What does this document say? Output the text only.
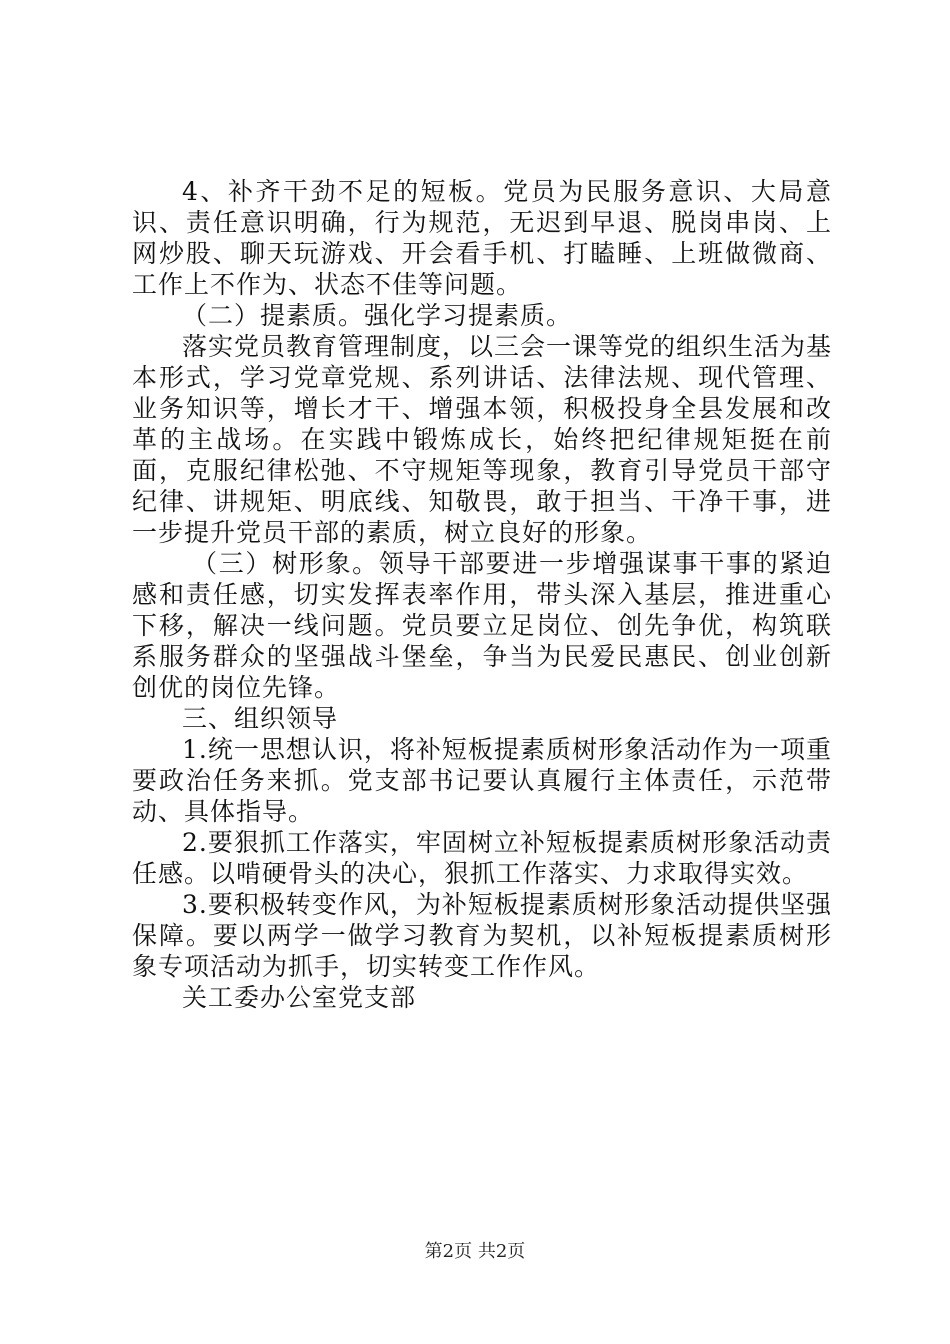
4、补齐干劲不足的短板。党员为民服务意识、大局意识、责任意识明确，行为规范，无迟到早退、脱岗串岗、上网炒股、聊天玩游戏、开会看手机、打瞌睡、上班做微商、工作上不作为、状态不佳等问题。

（二）提素质。强化学习提素质。

落实党员教育管理制度，以三会一课等党的组织生活为基本形式，学习党章党规、系列讲话、法律法规、现代管理、业务知识等，增长才干、增强本领，积极投身全县发展和改革的主战场。在实践中锻炼成长，始终把纪律规矩挺在前面，克服纪律松弛、不守规矩等现象，教育引导党员干部守纪律、讲规矩、明底线、知敬畏，敢于担当、干净干事，进一步提升党员干部的素质，树立良好的形象。

（三）树形象。领导干部要进一步增强谋事干事的紧迫感和责任感，切实发挥表率作用，带头深入基层，推进重心下移，解决一线问题。党员要立足岗位、创先争优，构筑联系服务群众的坚强战斗堡垒，争当为民爱民惠民、创业创新创优的岗位先锋。

三、组织领导

1.统一思想认识，将补短板提素质树形象活动作为一项重要政治任务来抓。党支部书记要认真履行主体责任，示范带动、具体指导。

2.要狠抓工作落实，牢固树立补短板提素质树形象活动责任感。以啃硬骨头的决心，狠抓工作落实、力求取得实效。

3.要积极转变作风，为补短板提素质树形象活动提供坚强保障。要以两学一做学习教育为契机，以补短板提素质树形象专项活动为抓手，切实转变工作作风。

关工委办公室党支部

第2页 共2页
